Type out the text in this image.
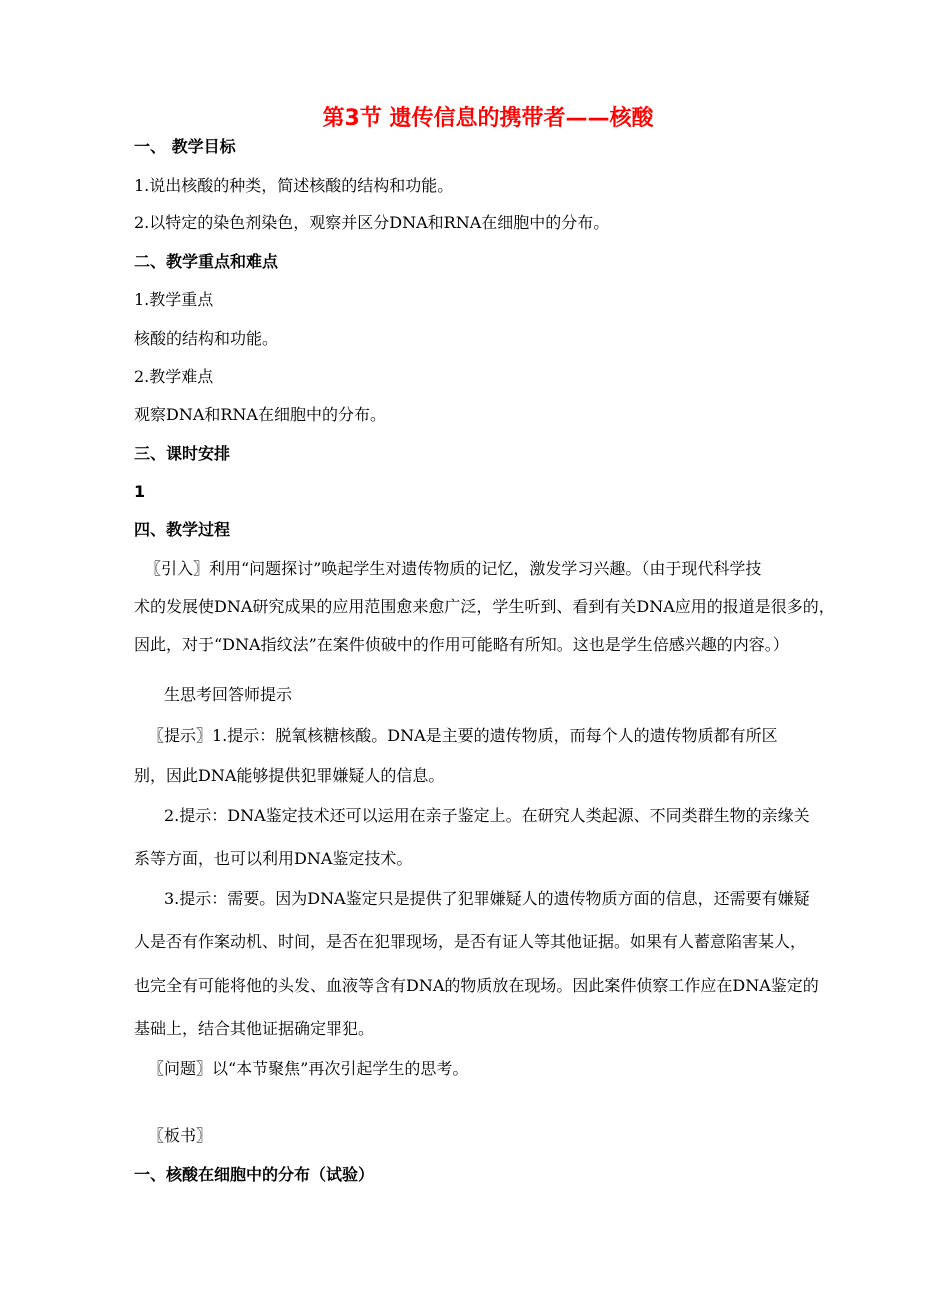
第3节 遗传信息的携带者——核酸
一、 教学目标
1.说出核酸的种类，简述核酸的结构和功能。
2.以特定的染色剂染色，观察并区分DNA和RNA在细胞中的分布。
二、教学重点和难点
1.教学重点
核酸的结构和功能。
2.教学难点
观察DNA和RNA在细胞中的分布。
三、课时安排
1
四、教学过程
〖引入〗利用“问题探讨”唤起学生对遗传物质的记忆，激发学习兴趣。（由于现代科学技
术的发展使DNA研究成果的应用范围愈来愈广泛，学生听到、看到有关DNA应用的报道是很多的，
因此，对于“DNA指纹法”在案件侦破中的作用可能略有所知。这也是学生倍感兴趣的内容。）
生思考回答师提示
〖提示〗1.提示：脱氧核糖核酸。DNA是主要的遗传物质，而每个人的遗传物质都有所区
别，因此DNA能够提供犯罪嫌疑人的信息。
2.提示：DNA鉴定技术还可以运用在亲子鉴定上。在研究人类起源、不同类群生物的亲缘关
系等方面，也可以利用DNA鉴定技术。
3.提示：需要。因为DNA鉴定只是提供了犯罪嫌疑人的遗传物质方面的信息，还需要有嫌疑
人是否有作案动机、时间，是否在犯罪现场，是否有证人等其他证据。如果有人蓄意陷害某人，
也完全有可能将他的头发、血液等含有DNA的物质放在现场。因此案件侦察工作应在DNA鉴定的
基础上，结合其他证据确定罪犯。
〖问题〗以“本节聚焦”再次引起学生的思考。
〖板书〗
一、核酸在细胞中的分布（试验）
